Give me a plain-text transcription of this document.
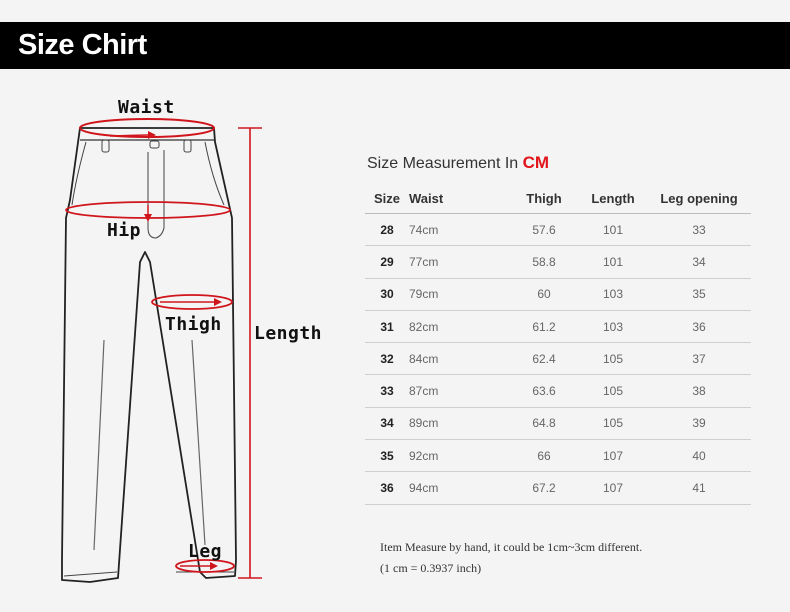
Size Chirt
Waist
Hip
Thigh Length
Leg
Size Measurement In CM
Size	Waist	Thigh	Length	Leg opening
28	74cm	57.6	101	33
29	77cm	58.8	101	34
30	79cm	60	103	35
31	82cm	61.2	103	36
32	84cm	62.4	105	37
33	87cm	63.6	105	38
34	89cm	64.8	105	39
35	92cm	66	107	40
36	94cm	67.2	107	41
Item Measure by hand, it could be 1cm~3cm different.
(1 cm = 0.3937 inch)
